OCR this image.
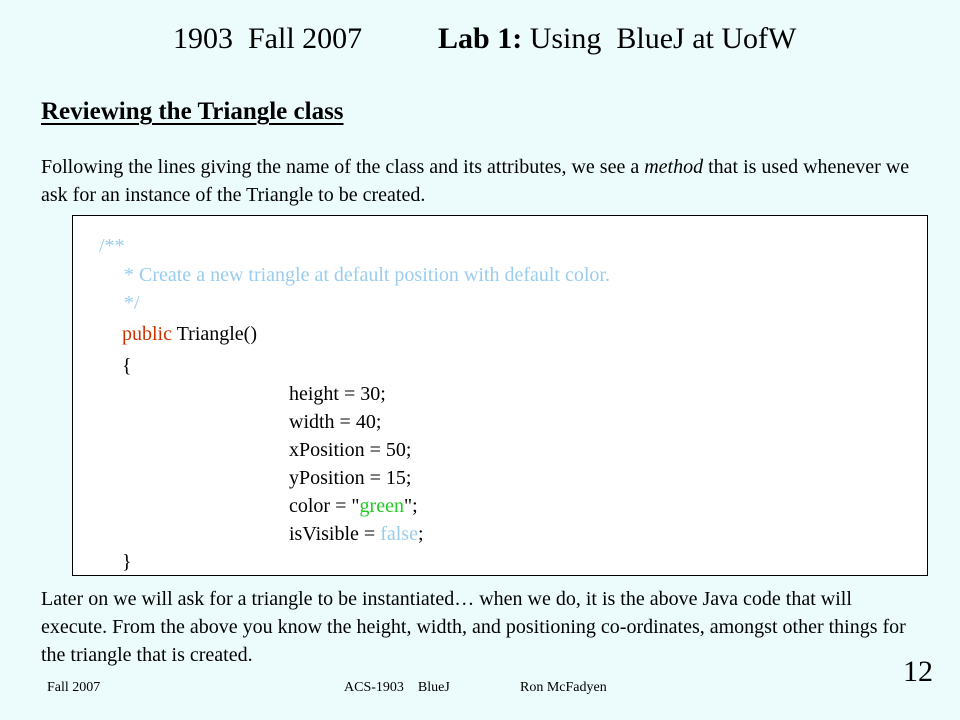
1903  Fall 2007	Lab 1: Using  BlueJ at UofW
Reviewing the Triangle class
Following the lines giving the name of the class and its attributes, we see a method that is used whenever we ask for an instance of the Triangle to be created.
/**
* Create a new triangle at default position with default color.
*/
public Triangle()
{
height = 30;
width = 40;
xPosition = 50;
yPosition = 15;
color = "green";
isVisible = false;
}
Later on we will ask for a triangle to be instantiated… when we do, it is the above Java code that will execute. From the above you know the height, width, and positioning co-ordinates, amongst other things for the triangle that is created.
Fall 2007	ACS-1903    BlueJ	Ron McFadyen	12
